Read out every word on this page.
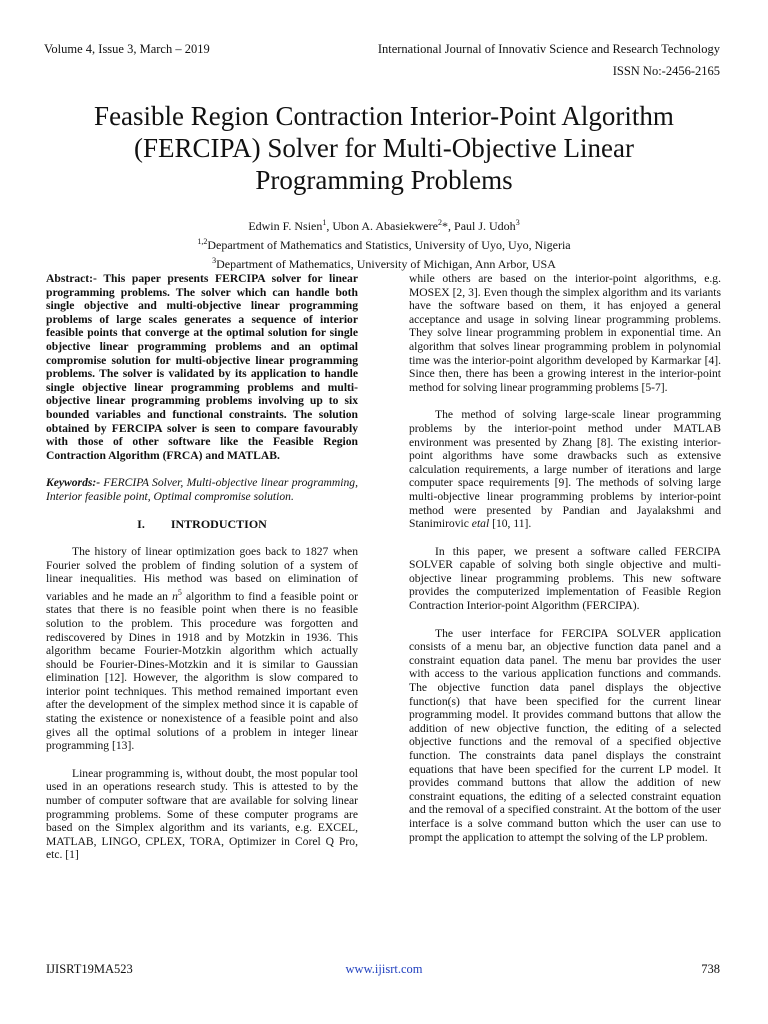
Volume 4, Issue 3, March – 2019	International Journal of Innovativ Science and Research Technology
ISSN No:-2456-2165
Feasible Region Contraction Interior-Point Algorithm
(FERCIPA) Solver for Multi-Objective Linear
Programming Problems
Edwin F. Nsien$^1$, Ubon A. Abasiekwere$^2$*, Paul J. Udoh$^3$
$^{1,2}$Department of Mathematics and Statistics, University of Uyo, Uyo, Nigeria
$^3$Department of Mathematics, University of Michigan, Ann Arbor, USA

Abstract:- This paper presents FERCIPA solver for linear programming problems. The solver which can handle both single objective and multi-objective linear programming problems of large scales generates a sequence of interior feasible points that converge at the optimal solution for single objective linear programming problems and an optimal compromise solution for multi-objective linear programming problems. The solver is validated by its application to handle single objective linear programming problems and multi-objective linear programming problems involving up to six bounded variables and functional constraints. The solution obtained by FERCIPA solver is seen to compare favourably with those of other software like the Feasible Region Contraction Algorithm (FRCA) and MATLAB.

Keywords:- FERCIPA Solver, Multi-objective linear programming, Interior feasible point, Optimal compromise solution.

I. INTRODUCTION

The history of linear optimization goes back to 1827 when Fourier solved the problem of finding solution of a system of linear inequalities. His method was based on elimination of variables and he made an $n^5$ algorithm to find a feasible point or states that there is no feasible point when there is no feasible solution to the problem. This procedure was forgotten and rediscovered by Dines in 1918 and by Motzkin in 1936. This algorithm became Fourier-Motzkin algorithm which actually should be Fourier-Dines-Motzkin and it is similar to Gaussian elimination [12]. However, the algorithm is slow compared to interior point techniques. This method remained important even after the development of the simplex method since it is capable of stating the existence or nonexistence of a feasible point and also gives all the optimal solutions of a problem in integer linear programming [13].

Linear programming is, without doubt, the most popular tool used in an operations research study. This is attested to by the number of computer software that are available for solving linear programming problems. Some of these computer programs are based on the Simplex algorithm and its variants, e.g. EXCEL, MATLAB, LINGO, CPLEX, TORA, Optimizer in Corel Q Pro, etc. [1]

while others are based on the interior-point algorithms, e.g. MOSEX [2, 3]. Even though the simplex algorithm and its variants have the software based on them, it has enjoyed a general acceptance and usage in solving linear programming problems. They solve linear programming problem in exponential time. An algorithm that solves linear programming problem in polynomial time was the interior-point algorithm developed by Karmarkar [4]. Since then, there has been a growing interest in the interior-point method for solving linear programming problems [5-7].

The method of solving large-scale linear programming problems by the interior-point method under MATLAB environment was presented by Zhang [8]. The existing interior-point algorithms have some drawbacks such as extensive calculation requirements, a large number of iterations and large computer space requirements [9]. The methods of solving large multi-objective linear programming problems by interior-point method were presented by Pandian and Jayalakshmi and Stanimirovic etal [10, 11].

In this paper, we present a software called FERCIPA SOLVER capable of solving both single objective and multi-objective linear programming problems. This new software provides the computerized implementation of Feasible Region Contraction Interior-point Algorithm (FERCIPA).

The user interface for FERCIPA SOLVER application consists of a menu bar, an objective function data panel and a constraint equation data panel. The menu bar provides the user with access to the various application functions and commands. The objective function data panel displays the objective function(s) that have been specified for the current linear programming model. It provides command buttons that allow the addition of new objective function, the editing of a selected objective functions and the removal of a specified objective function. The constraints data panel displays the constraint equations that have been specified for the current LP model. It provides command buttons that allow the addition of new constraint equations, the editing of a selected constraint equation and the removal of a specified constraint. At the bottom of the user interface is a solve command button which the user can use to prompt the application to attempt the solving of the LP problem.

IJISRT19MA523	www.ijisrt.com	738
